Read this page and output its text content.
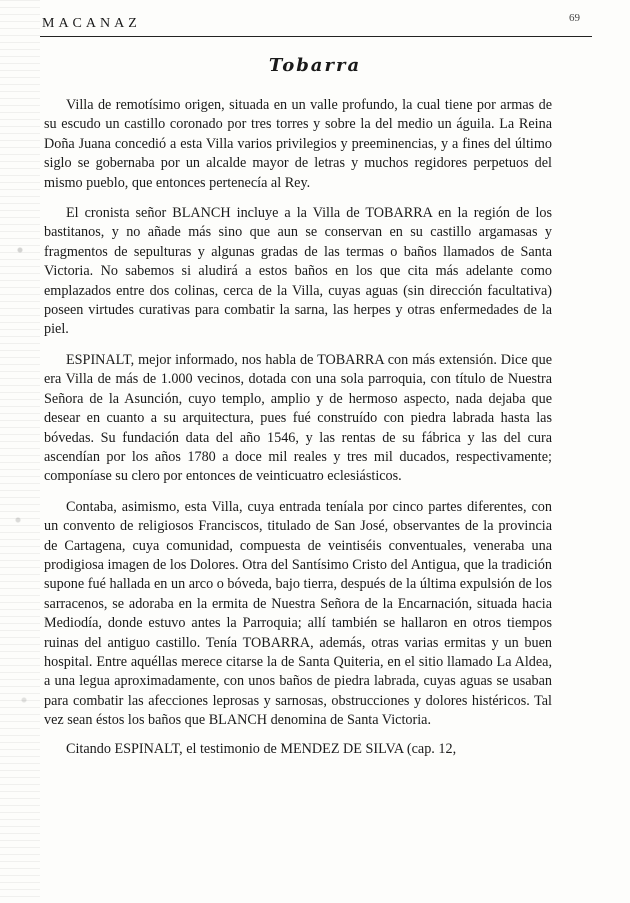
MACANAZ	69
Tobarra

Villa de remotísimo origen, situada en un valle profundo, la cual tiene por armas de su escudo un castillo coronado por tres torres y sobre la del medio un águila. La Reina Doña Juana concedió a esta Villa varios privilegios y preeminencias, y a fines del último siglo se gobernaba por un alcalde mayor de letras y muchos regidores perpetuos del mismo pueblo, que entonces pertenecía al Rey.

El cronista señor BLANCH incluye a la Villa de TOBARRA en la región de los bastitanos, y no añade más sino que aun se conservan en su castillo argamasas y fragmentos de sepulturas y algunas gradas de las termas o baños llamados de Santa Victoria. No sabemos si aludirá a estos baños en los que cita más adelante como emplazados entre dos colinas, cerca de la Villa, cuyas aguas (sin dirección facultativa) poseen virtudes curativas para combatir la sarna, las herpes y otras enfermedades de la piel.

ESPINALT, mejor informado, nos habla de TOBARRA con más extensión. Dice que era Villa de más de 1.000 vecinos, dotada con una sola parroquia, con título de Nuestra Señora de la Asunción, cuyo templo, amplio y de hermoso aspecto, nada dejaba que desear en cuanto a su arquitectura, pues fué construído con piedra labrada hasta las bóvedas. Su fundación data del año 1546, y las rentas de su fábrica y las del cura ascendían por los años 1780 a doce mil reales y tres mil ducados, respectivamente; componíase su clero por entonces de veinticuatro eclesiásticos.

Contaba, asimismo, esta Villa, cuya entrada teníala por cinco partes diferentes, con un convento de religiosos Franciscos, titulado de San José, observantes de la provincia de Cartagena, cuya comunidad, compuesta de veintiséis conventuales, veneraba una prodigiosa imagen de los Dolores. Otra del Santísimo Cristo del Antigua, que la tradición supone fué hallada en un arco o bóveda, bajo tierra, después de la última expulsión de los sarracenos, se adoraba en la ermita de Nuestra Señora de la Encarnación, situada hacia Mediodía, donde estuvo antes la Parroquia; allí también se hallaron en otros tiempos ruinas del antiguo castillo. Tenía TOBARRA, además, otras varias ermitas y un buen hospital. Entre aquéllas merece citarse la de Santa Quiteria, en el sitio llamado La Aldea, a una legua aproximadamente, con unos baños de piedra labrada, cuyas aguas se usaban para combatir las afecciones leprosas y sarnosas, obstrucciones y dolores histéricos. Tal vez sean éstos los baños que BLANCH denomina de Santa Victoria.

Citando ESPINALT, el testimonio de MENDEZ DE SILVA (cap. 12,
